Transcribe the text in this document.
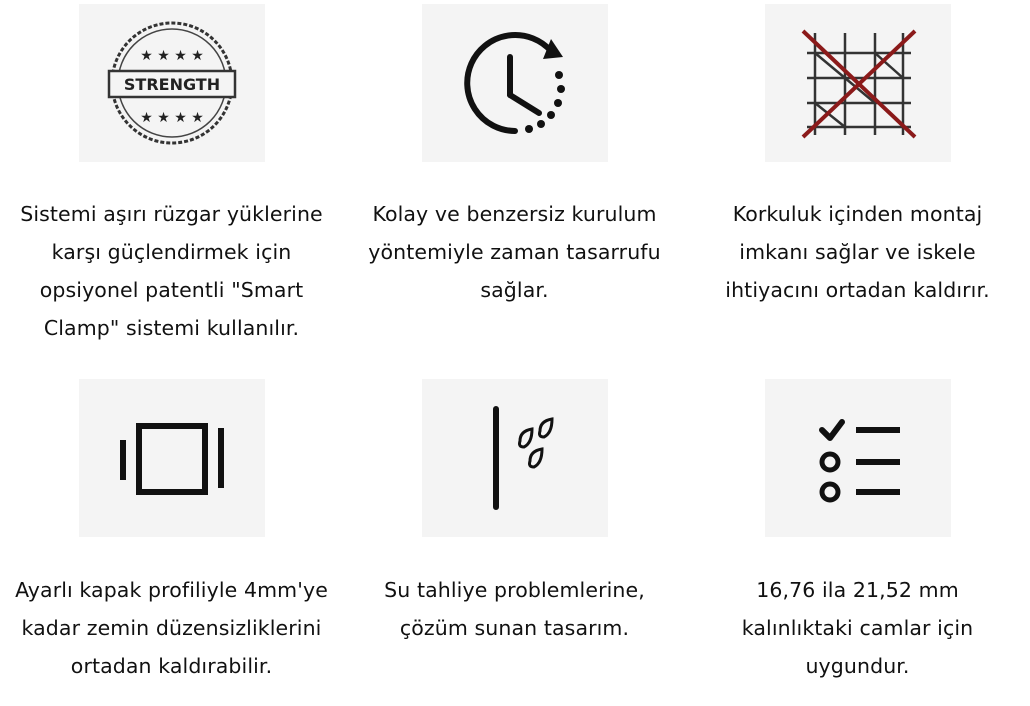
★ ★ ★ ★
★ ★ ★ ★
STRENGTH
Sistemi aşırı rüzgar yüklerine
karşı güçlendirmek için
opsiyonel patentli "Smart
Clamp" sistemi kullanılır.
Kolay ve benzersiz kurulum
yöntemiyle zaman tasarrufu
sağlar.
Korkuluk içinden montaj
imkanı sağlar ve iskele
ihtiyacını ortadan kaldırır.
Ayarlı kapak profiliyle 4mm'ye
kadar zemin düzensizliklerini
ortadan kaldırabilir.
Su tahliye problemlerine,
çözüm sunan tasarım.
16,76 ila 21,52 mm
kalınlıktaki camlar için
uygundur.
